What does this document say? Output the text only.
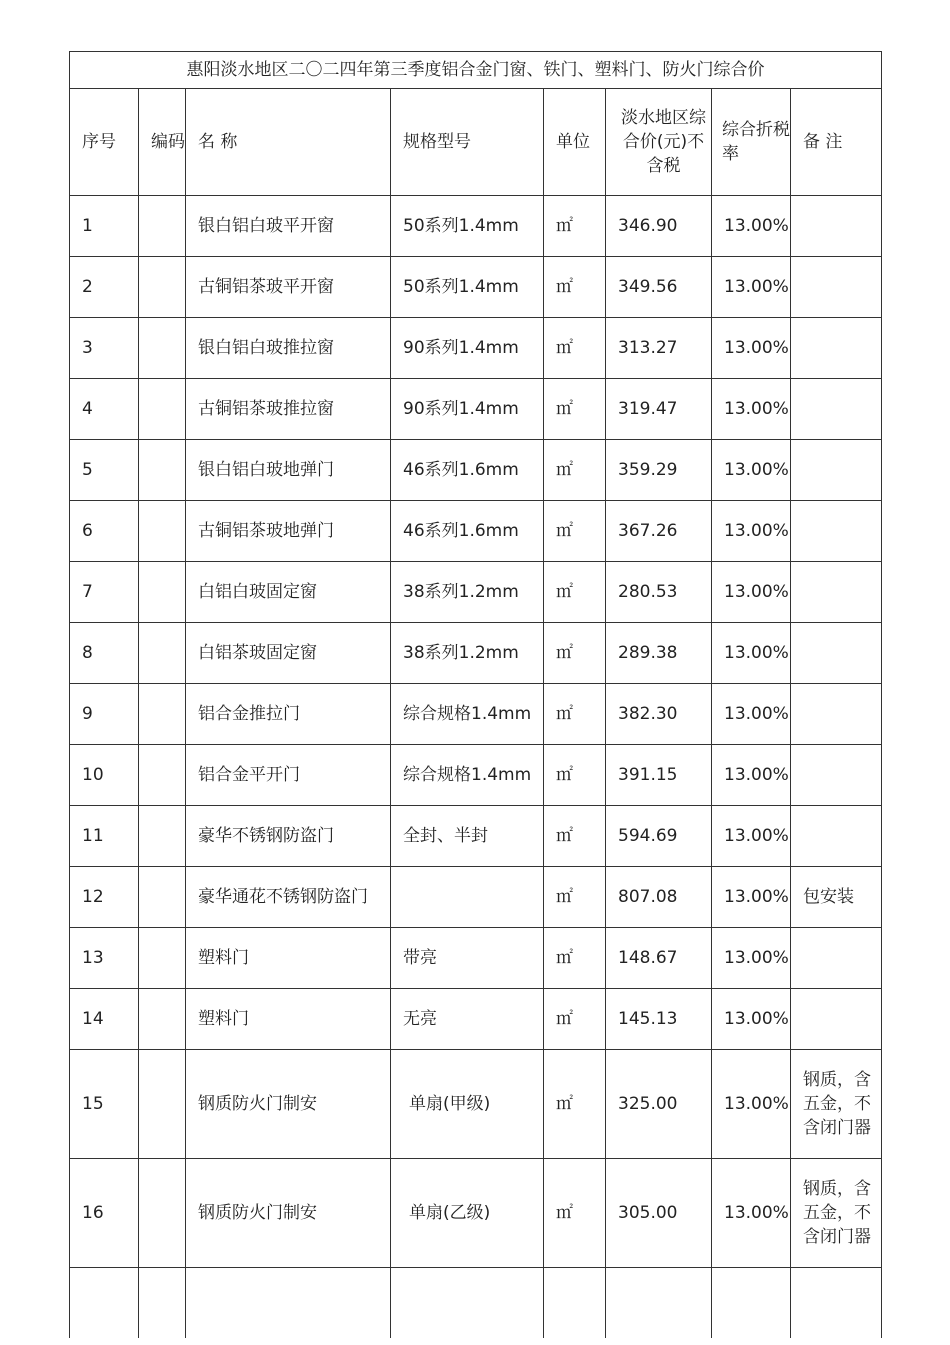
惠阳淡水地区二〇二四年第三季度铝合金门窗、铁门、塑料门、防火门综合价							
序号	编码	名 称	规格型号	单位	淡水地区综合价(元)不含税	综合折税率	备 注
1		银白铝白玻平开窗	50系列1.4mm	㎡	346.90	13.00%	
2		古铜铝茶玻平开窗	50系列1.4mm	㎡	349.56	13.00%	
3		银白铝白玻推拉窗	90系列1.4mm	㎡	313.27	13.00%	
4		古铜铝茶玻推拉窗	90系列1.4mm	㎡	319.47	13.00%	
5		银白铝白玻地弹门	46系列1.6mm	㎡	359.29	13.00%	
6		古铜铝茶玻地弹门	46系列1.6mm	㎡	367.26	13.00%	
7		白铝白玻固定窗	38系列1.2mm	㎡	280.53	13.00%	
8		白铝茶玻固定窗	38系列1.2mm	㎡	289.38	13.00%	
9		铝合金推拉门	综合规格1.4mm	㎡	382.30	13.00%	
10		铝合金平开门	综合规格1.4mm	㎡	391.15	13.00%	
11		豪华不锈钢防盗门	全封、半封	㎡	594.69	13.00%	
12		豪华通花不锈钢防盗门		㎡	807.08	13.00%	包安装
13		塑料门	带亮	㎡	148.67	13.00%	
14		塑料门	无亮	㎡	145.13	13.00%	
15		钢质防火门制安	单扇(甲级)	㎡	325.00	13.00%	钢质，含五金，不含闭门器
16		钢质防火门制安	单扇(乙级)	㎡	305.00	13.00%	钢质，含五金，不含闭门器
